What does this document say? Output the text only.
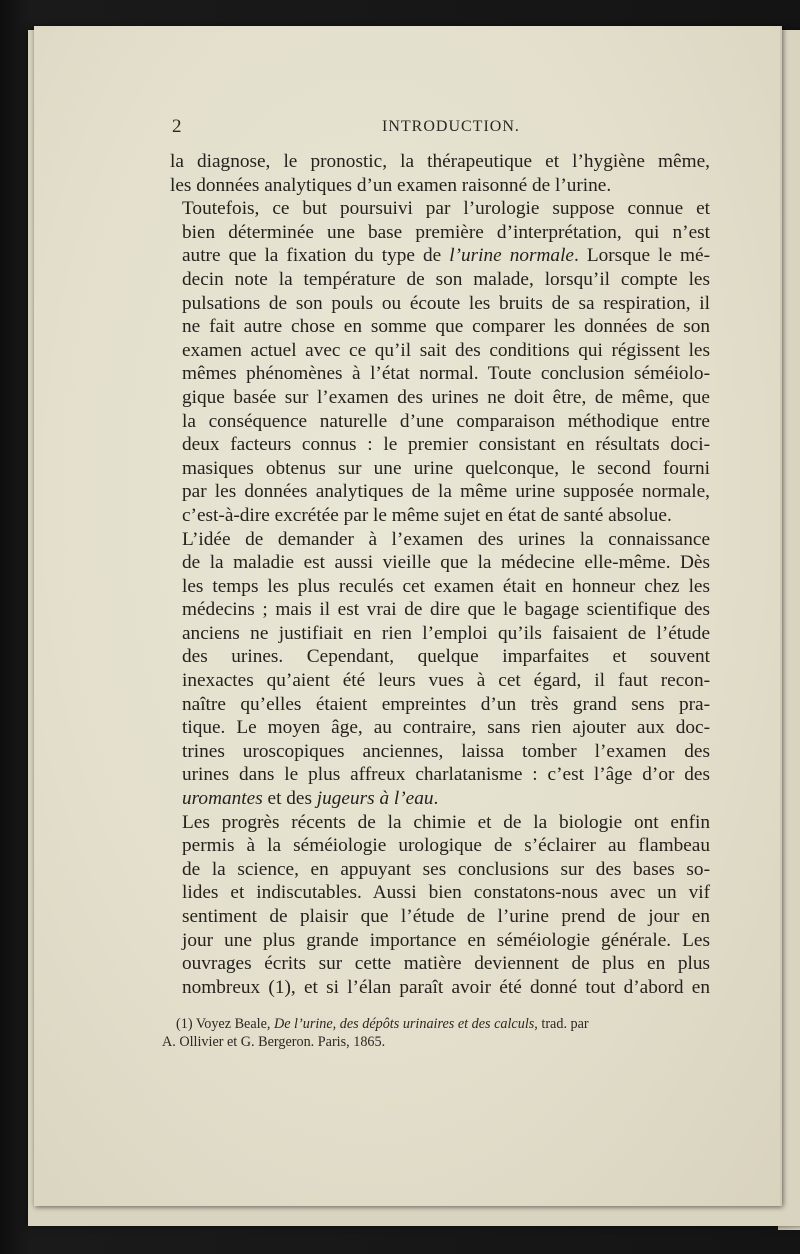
2	INTRODUCTION.

la diagnose, le pronostic, la thérapeutique et l’hygiène même,
les données analytiques d’un examen raisonné de l’urine.

Toutefois, ce but poursuivi par l’urologie suppose connue et
bien déterminée une base première d’interprétation, qui n’est
autre que la fixation du type de l’urine normale. Lorsque le mé-
decin note la température de son malade, lorsqu’il compte les
pulsations de son pouls ou écoute les bruits de sa respiration, il
ne fait autre chose en somme que comparer les données de son
examen actuel avec ce qu’il sait des conditions qui régissent les
mêmes phénomènes à l’état normal. Toute conclusion séméiolo-
gique basée sur l’examen des urines ne doit être, de même, que
la conséquence naturelle d’une comparaison méthodique entre
deux facteurs connus : le premier consistant en résultats doci-
masiques obtenus sur une urine quelconque, le second fourni
par les données analytiques de la même urine supposée normale,
c’est-à-dire excrétée par le même sujet en état de santé absolue.

L’idée de demander à l’examen des urines la connaissance
de la maladie est aussi vieille que la médecine elle-même. Dès
les temps les plus reculés cet examen était en honneur chez les
médecins ; mais il est vrai de dire que le bagage scientifique des
anciens ne justifiait en rien l’emploi qu’ils faisaient de l’étude
des urines. Cependant, quelque imparfaites et souvent
inexactes qu’aient été leurs vues à cet égard, il faut recon-
naître qu’elles étaient empreintes d’un très grand sens pra-
tique. Le moyen âge, au contraire, sans rien ajouter aux doc-
trines uroscopiques anciennes, laissa tomber l’examen des
urines dans le plus affreux charlatanisme : c’est l’âge d’or des
uromantes et des jugeurs à l’eau.

Les progrès récents de la chimie et de la biologie ont enfin
permis à la séméiologie urologique de s’éclairer au flambeau
de la science, en appuyant ses conclusions sur des bases so-
lides et indiscutables. Aussi bien constatons-nous avec un vif
sentiment de plaisir que l’étude de l’urine prend de jour en
jour une plus grande importance en séméiologie générale. Les
ouvrages écrits sur cette matière deviennent de plus en plus
nombreux (1), et si l’élan paraît avoir été donné tout d’abord en

(1) Voyez Beale, De l’urine, des dépôts urinaires et des calculs, trad. par
A. Ollivier et G. Bergeron. Paris, 1865.
